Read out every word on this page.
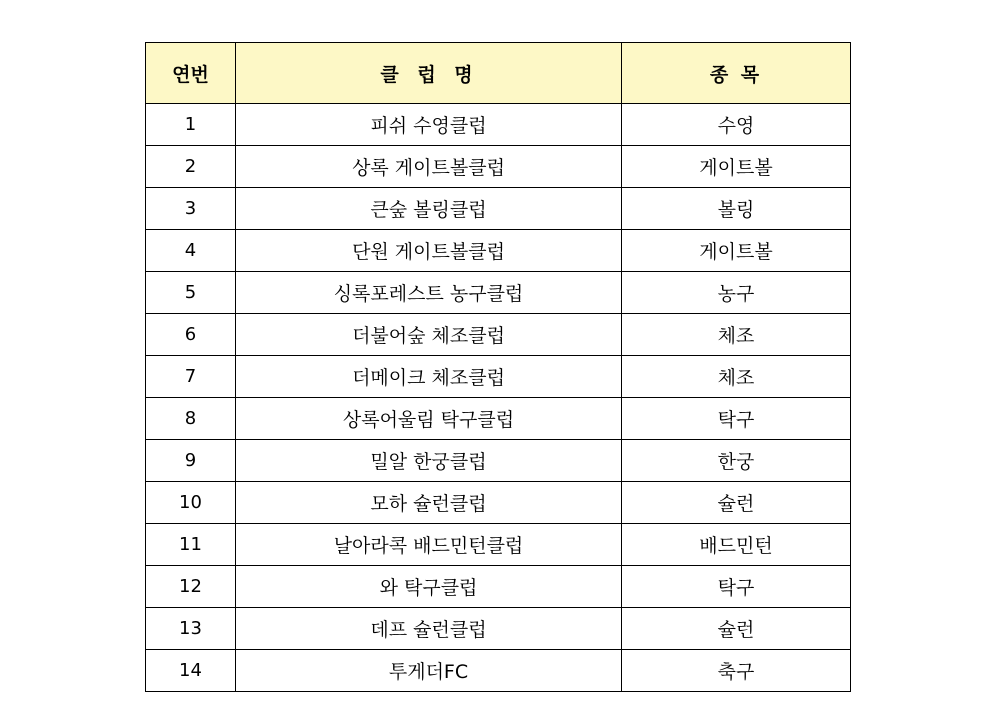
연번	클 럽 명	종 목
1	피쉬 수영클럽	수영
2	상록 게이트볼클럽	게이트볼
3	큰숲 볼링클럽	볼링
4	단원 게이트볼클럽	게이트볼
5	싱록포레스트 농구클럽	농구
6	더불어숲 체조클럽	체조
7	더메이크 체조클럽	체조
8	상록어울림 탁구클럽	탁구
9	밀알 한궁클럽	한궁
10	모하 슐런클럽	슐런
11	날아라콕 배드민턴클럽	배드민턴
12	와 탁구클럽	탁구
13	데프 슐런클럽	슐런
14	투게더FC	축구
